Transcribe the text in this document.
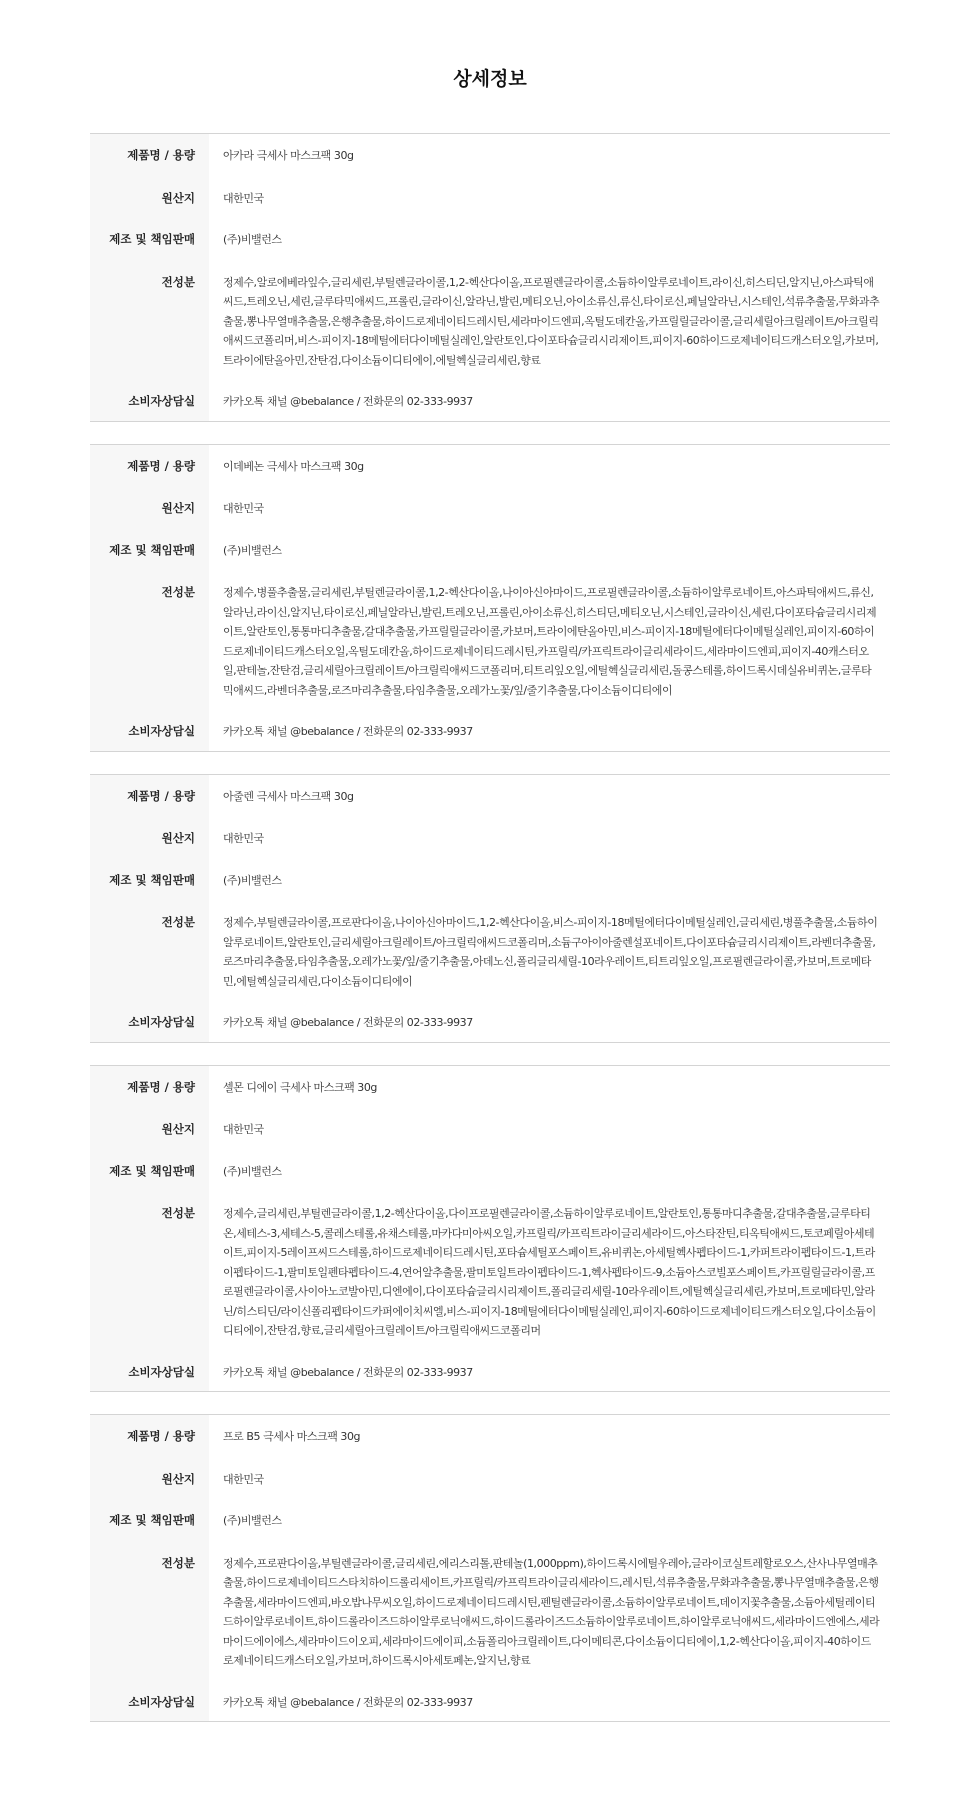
상세정보
제품명 / 용량	아카라 극세사 마스크팩 30g
원산지	대한민국
제조 및 책임판매	(주)비밸런스
전성분	정제수,알로에베라잎수,글리세린,부틸렌글라이콜,1,2-헥산다이올,프로필렌글라이콜,소듐하이알루로네이트,라이신,히스티딘,알지닌,아스파틱애씨드,트레오닌,세린,글루타믹애씨드,프롤린,글라이신,알라닌,발린,메티오닌,아이소류신,류신,타이로신,페닐알라닌,시스테인,석류추출물,무화과추출물,뽕나무열매추출물,은행추출물,하이드로제네이티드레시틴,세라마이드엔피,옥틸도데칸올,카프릴릴글라이콜,글리세릴아크릴레이트/아크릴릭애씨드코폴리머,비스-피이지-18메틸에터다이메틸실레인,알란토인,다이포타슘글리시리제이트,피이지-60하이드로제네이티드캐스터오일,카보머,트라이에탄올아민,잔탄검,다이소듐이디티에이,에틸헥실글리세린,향료
소비자상담실	카카오톡 채널 @bebalance / 전화문의 02-333-9937
제품명 / 용량	이데베논 극세사 마스크팩 30g
원산지	대한민국
제조 및 책임판매	(주)비밸런스
전성분	정제수,병풀추출물,글리세린,부틸렌글라이콜,1,2-헥산다이올,나이아신아마이드,프로필렌글라이콜,소듐하이알루로네이트,아스파틱애씨드,류신,알라닌,라이신,알지닌,타이로신,페닐알라닌,발린,트레오닌,프롤린,아이소류신,히스티딘,메티오닌,시스테인,글라이신,세린,다이포타슘글리시리제이트,알란토인,통통마디추출물,갈대추출물,카프릴릴글라이콜,카보머,트라이에탄올아민,비스-피이지-18메틸에터다이메틸실레인,피이지-60하이드로제네이티드캐스터오일,옥틸도데칸올,하이드로제네이티드레시틴,카프릴릭/카프릭트라이글리세라이드,세라마이드엔피,피이지-40캐스터오일,판테놀,잔탄검,글리세릴아크릴레이트/아크릴릭애씨드코폴리머,티트리잎오일,에틸헥실글리세린,돌콩스테롤,하이드록시데실유비퀴논,글루타믹애씨드,라벤더추출물,로즈마리추출물,타임추출물,오레가노꽃/잎/줄기추출물,다이소듐이디티에이
소비자상담실	카카오톡 채널 @bebalance / 전화문의 02-333-9937
제품명 / 용량	아줄렌 극세사 마스크팩 30g
원산지	대한민국
제조 및 책임판매	(주)비밸런스
전성분	정제수,부틸렌글라이콜,프로판다이올,나이아신아마이드,1,2-헥산다이올,비스-피이지-18메틸에터다이메틸실레인,글리세린,병풀추출물,소듐하이알루로네이트,알란토인,글리세릴아크릴레이트/아크릴릭애씨드코폴리머,소듐구아이아줄렌설포네이트,다이포타슘글리시리제이트,라벤더추출물,로즈마리추출물,타임추출물,오레가노꽃/잎/줄기추출물,아데노신,폴리글리세릴-10라우레이트,티트리잎오일,프로필렌글라이콜,카보머,트로메타민,에틸헥실글리세린,다이소듐이디티에이
소비자상담실	카카오톡 채널 @bebalance / 전화문의 02-333-9937
제품명 / 용량	셀몬 디에이 극세사 마스크팩 30g
원산지	대한민국
제조 및 책임판매	(주)비밸런스
전성분	정제수,글리세린,부틸렌글라이콜,1,2-헥산다이올,다이프로필렌글라이콜,소듐하이알루로네이트,알란토인,통통마디추출물,갈대추출물,글루타티온,세테스-3,세테스-5,콜레스테롤,유채스테롤,마카다미아씨오일,카프릴릭/카프릭트라이글리세라이드,아스타잔틴,티옥틱애씨드,토코페릴아세테이트,피이지-5레이프씨드스테롤,하이드로제네이티드레시틴,포타슘세틸포스페이트,유비퀴논,아세틸헥사펩타이드-1,카퍼트라이펩타이드-1,트라이펩타이드-1,팔미토일펜타펩타이드-4,연어알추출물,팔미토일트라이펩타이드-1,헥사펩타이드-9,소듐아스코빌포스페이트,카프릴릴글라이콜,프로필렌글라이콜,사이아노코발아민,디엔에이,다이포타슘글리시리제이트,폴리글리세릴-10라우레이트,에틸헥실글리세린,카보머,트로메타민,알라닌/히스티딘/라이신폴리펩타이드카퍼에이치씨엘,비스-피이지-18메틸에터다이메틸실레인,피이지-60하이드로제네이티드캐스터오일,다이소듐이디티에이,잔탄검,향료,글리세릴아크릴레이트/아크릴릭애씨드코폴리머
소비자상담실	카카오톡 채널 @bebalance / 전화문의 02-333-9937
제품명 / 용량	프로 B5 극세사 마스크팩 30g
원산지	대한민국
제조 및 책임판매	(주)비밸런스
전성분	정제수,프로판다이올,부틸렌글라이콜,글리세린,에리스리톨,판테놀(1,000ppm),하이드록시에틸우레아,글라이코실트레할로오스,산사나무열매추출물,하이드로제네이티드스타치하이드롤리세이트,카프릴릭/카프릭트라이글리세라이드,레시틴,석류추출물,무화과추출물,뽕나무열매추출물,은행추출물,세라마이드엔피,바오밥나무씨오일,하이드로제네이티드레시틴,펜틸렌글라이콜,소듐하이알루로네이트,데이지꽃추출물,소듐아세틸레이티드하이알루로네이트,하이드롤라이즈드하이알루로닉애씨드,하이드롤라이즈드소듐하이알루로네이트,하이알루로닉애씨드,세라마이드엔에스,세라마이드에이에스,세라마이드이오피,세라마이드에이피,소듐폴리아크릴레이트,다이메티콘,다이소듐이디티에이,1,2-헥산다이올,피이지-40하이드로제네이티드캐스터오일,카보머,하이드록시아세토페논,알지닌,향료
소비자상담실	카카오톡 채널 @bebalance / 전화문의 02-333-9937
